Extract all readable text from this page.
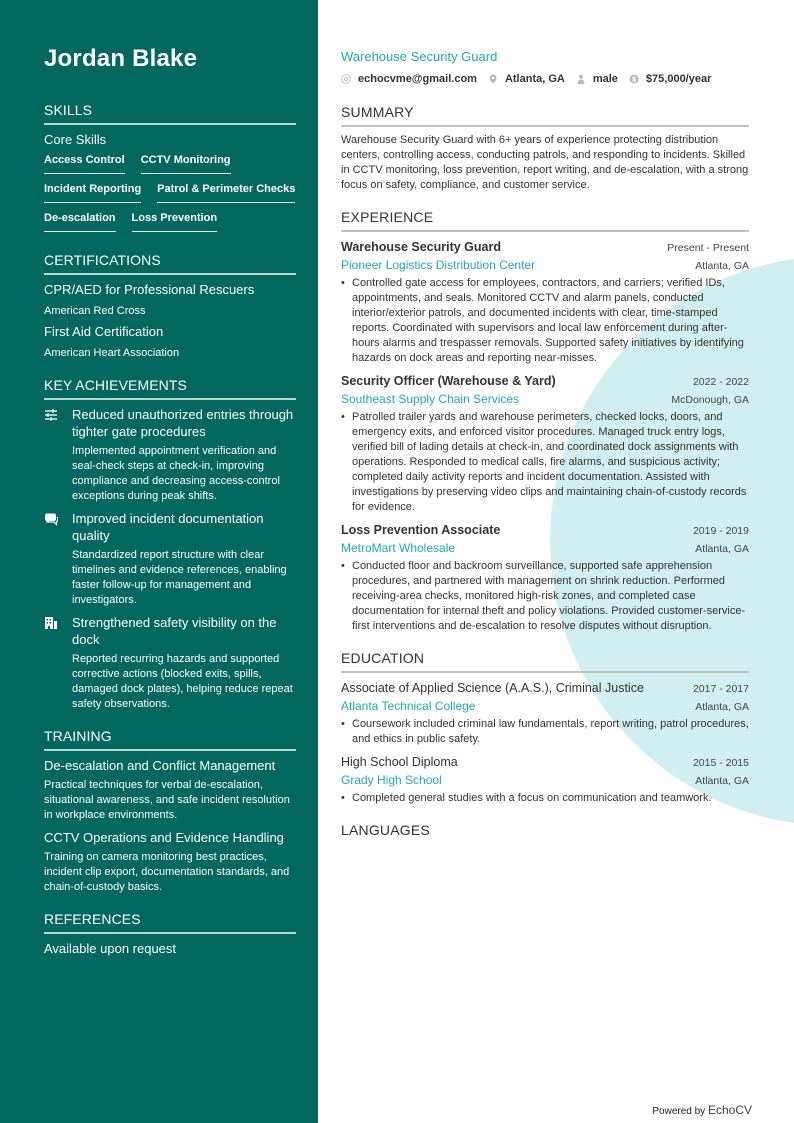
Jordan Blake
SKILLS
Core Skills
Access Control CCTV Monitoring
Incident Reporting Patrol & Perimeter Checks
De-escalation Loss Prevention
CERTIFICATIONS
CPR/AED for Professional Rescuers
American Red Cross
First Aid Certification
American Heart Association
KEY ACHIEVEMENTS
Reduced unauthorized entries through tighter gate procedures
Implemented appointment verification and seal-check steps at check-in, improving compliance and decreasing access-control exceptions during peak shifts.
Improved incident documentation quality
Standardized report structure with clear timelines and evidence references, enabling faster follow-up for management and investigators.
Strengthened safety visibility on the dock
Reported recurring hazards and supported corrective actions (blocked exits, spills, damaged dock plates), helping reduce repeat safety observations.
TRAINING
De-escalation and Conflict Management
Practical techniques for verbal de-escalation, situational awareness, and safe incident resolution in workplace environments.
CCTV Operations and Evidence Handling
Training on camera monitoring best practices, incident clip export, documentation standards, and chain-of-custody basics.
REFERENCES
Available upon request
Warehouse Security Guard
echocvme@gmail.com	Atlanta, GA	male $ $75,000/year
SUMMARY
Warehouse Security Guard with 6+ years of experience protecting distribution centers, controlling access, conducting patrols, and responding to incidents. Skilled in CCTV monitoring, loss prevention, report writing, and de-escalation, with a strong focus on safety, compliance, and customer service.
EXPERIENCE
Warehouse Security Guard	Present - Present
Pioneer Logistics Distribution Center	Atlanta, GA
• Controlled gate access for employees, contractors, and carriers; verified IDs, appointments, and seals. Monitored CCTV and alarm panels, conducted interior/exterior patrols, and documented incidents with clear, time-stamped reports. Coordinated with supervisors and local law enforcement during after-hours alarms and trespasser removals. Supported safety initiatives by identifying hazards on dock areas and reporting near-misses.
Security Officer (Warehouse & Yard)	2022 - 2022
Southeast Supply Chain Services	McDonough, GA
• Patrolled trailer yards and warehouse perimeters, checked locks, doors, and emergency exits, and enforced visitor procedures. Managed truck entry logs, verified bill of lading details at check-in, and coordinated dock assignments with operations. Responded to medical calls, fire alarms, and suspicious activity; completed daily activity reports and incident documentation. Assisted with investigations by preserving video clips and maintaining chain-of-custody records for evidence.
Loss Prevention Associate	2019 - 2019
MetroMart Wholesale	Atlanta, GA
• Conducted floor and backroom surveillance, supported safe apprehension procedures, and partnered with management on shrink reduction. Performed receiving-area checks, monitored high-risk zones, and completed case documentation for internal theft and policy violations. Provided customer-service-first interventions and de-escalation to resolve disputes without disruption.
EDUCATION
Associate of Applied Science (A.A.S.), Criminal Justice	2017 - 2017
Atlanta Technical College	Atlanta, GA
• Coursework included criminal law fundamentals, report writing, patrol procedures, and ethics in public safety.
High School Diploma	2015 - 2015
Grady High School	Atlanta, GA
• Completed general studies with a focus on communication and teamwork.
LANGUAGES
Powered by EchoCV
